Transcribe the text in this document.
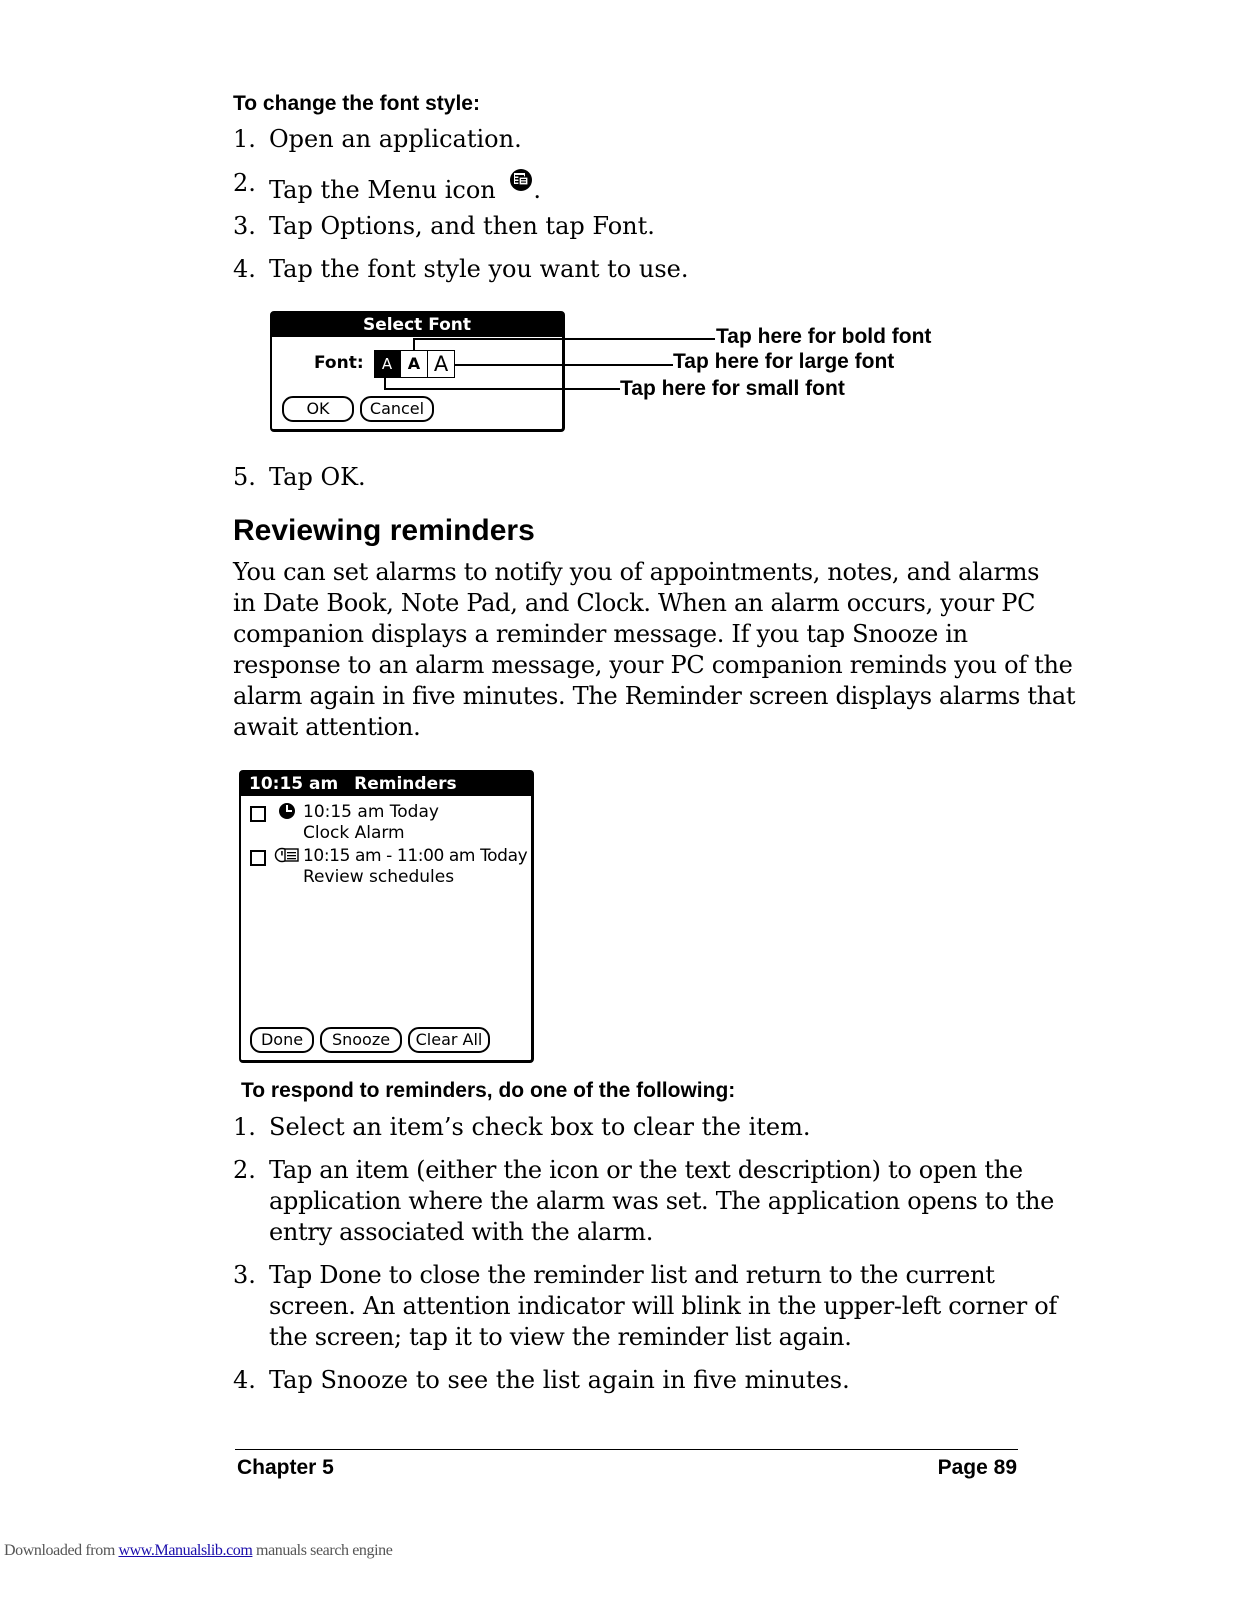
To change the font style:
1. Open an application.
2. Tap the Menu icon .
3. Tap Options, and then tap Font.
4. Tap the font style you want to use.
Select Font
Font:	A A A
OK	Cancel
Tap here for bold font
Tap here for large font
Tap here for small font
5. Tap OK.
Reviewing reminders
You can set alarms to notify you of appointments, notes, and alarms
in Date Book, Note Pad, and Clock. When an alarm occurs, your PC
companion displays a reminder message. If you tap Snooze in
response to an alarm message, your PC companion reminds you of the
alarm again in five minutes. The Reminder screen displays alarms that
await attention.
10:15 am Reminders
10:15 am Today
Clock Alarm
10:15 am - 11:00 am Today
Review schedules
Done	Snooze	Clear All
To respond to reminders, do one of the following:
1. Select an item’s check box to clear the item.
2. Tap an item (either the icon or the text description) to open the
application where the alarm was set. The application opens to the
entry associated with the alarm.
3. Tap Done to close the reminder list and return to the current
screen. An attention indicator will blink in the upper-left corner of
the screen; tap it to view the reminder list again.
4. Tap Snooze to see the list again in five minutes.
Chapter 5	Page 89
Downloaded from www.Manualslib.com manuals search engine
